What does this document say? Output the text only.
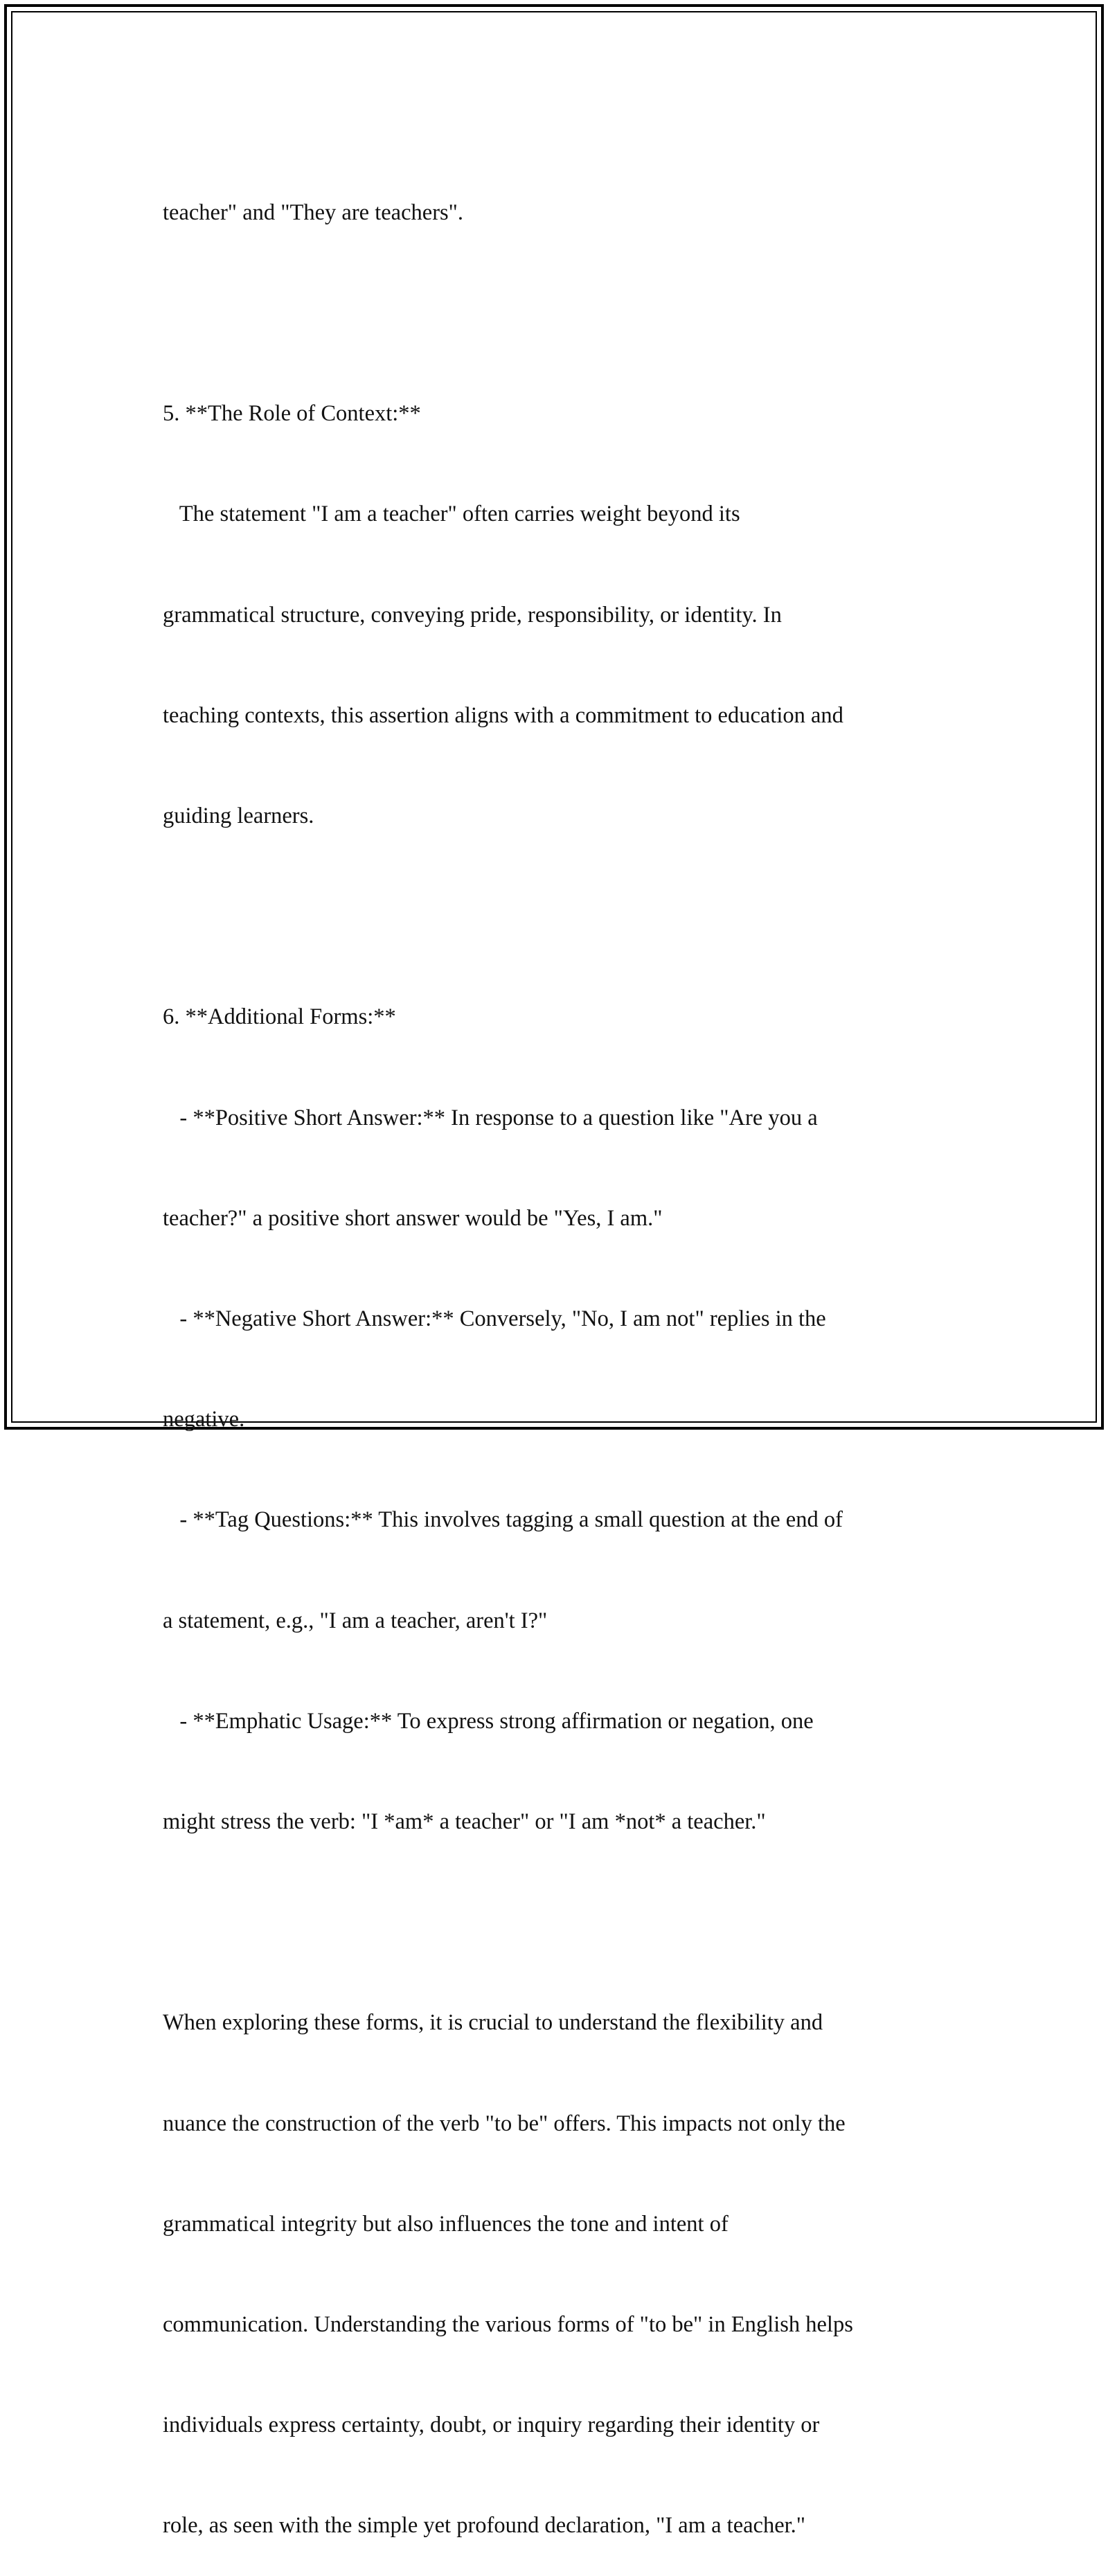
teacher" and "They are teachers".

5. **The Role of Context:**

The statement "I am a teacher" often carries weight beyond its

grammatical structure, conveying pride, responsibility, or identity. In

teaching contexts, this assertion aligns with a commitment to education and

guiding learners.

6. **Additional Forms:**

- **Positive Short Answer:** In response to a question like "Are you a

teacher?" a positive short answer would be "Yes, I am."

- **Negative Short Answer:** Conversely, "No, I am not" replies in the

negative.

- **Tag Questions:** This involves tagging a small question at the end of

a statement, e.g., "I am a teacher, aren't I?"

- **Emphatic Usage:** To express strong affirmation or negation, one

might stress the verb: "I *am* a teacher" or "I am *not* a teacher."

When exploring these forms, it is crucial to understand the flexibility and

nuance the construction of the verb "to be" offers. This impacts not only the

grammatical integrity but also influences the tone and intent of

communication. Understanding the various forms of "to be" in English helps

individuals express certainty, doubt, or inquiry regarding their identity or

role, as seen with the simple yet profound declaration, "I am a teacher."
